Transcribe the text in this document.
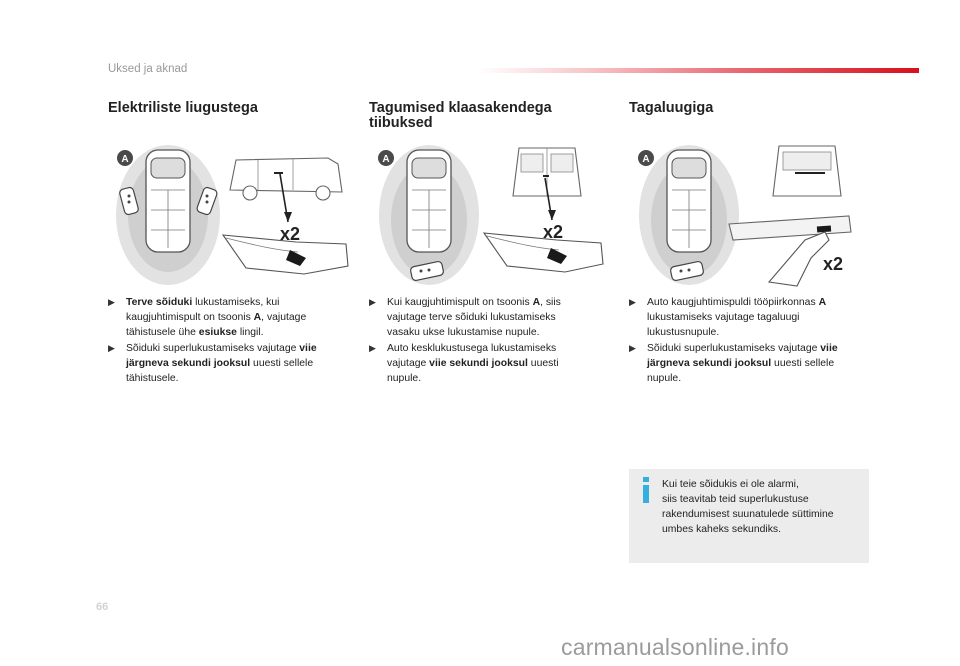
Uksed ja aknad
Elektriliste liugustega	Tagumised klaasakendega tiibuksed
Tagaluugiga
A
x2
A
x2
A
x2
▶ Terve sõiduki lukustamiseks, kui kaugjuhtimispult on tsoonis A, vajutage tähistusele ühe esiukse lingil.
▶ Sõiduki superlukustamiseks vajutage viie järgneva sekundi jooksul uuesti sellele tähistusele.
▶ Kui kaugjuhtimispult on tsoonis A, siis vajutage terve sõiduki lukustamiseks vasaku ukse lukustamise nupule.
▶ Auto kesklukustusega lukustamiseks vajutage viie sekundi jooksul uuesti nupule.
▶ Auto kaugjuhtimispuldi tööpiirkonnas A lukustamiseks vajutage tagaluugi lukustusnupule.
▶ Sõiduki superlukustamiseks vajutage viie järgneva sekundi jooksul uuesti sellele nupule.
Kui teie sõidukis ei ole alarmi,
siis teavitab teid superlukustuse
rakendumisest suunatulede süttimine
umbes kaheks sekundiks.
66
carmanualsonline.info
